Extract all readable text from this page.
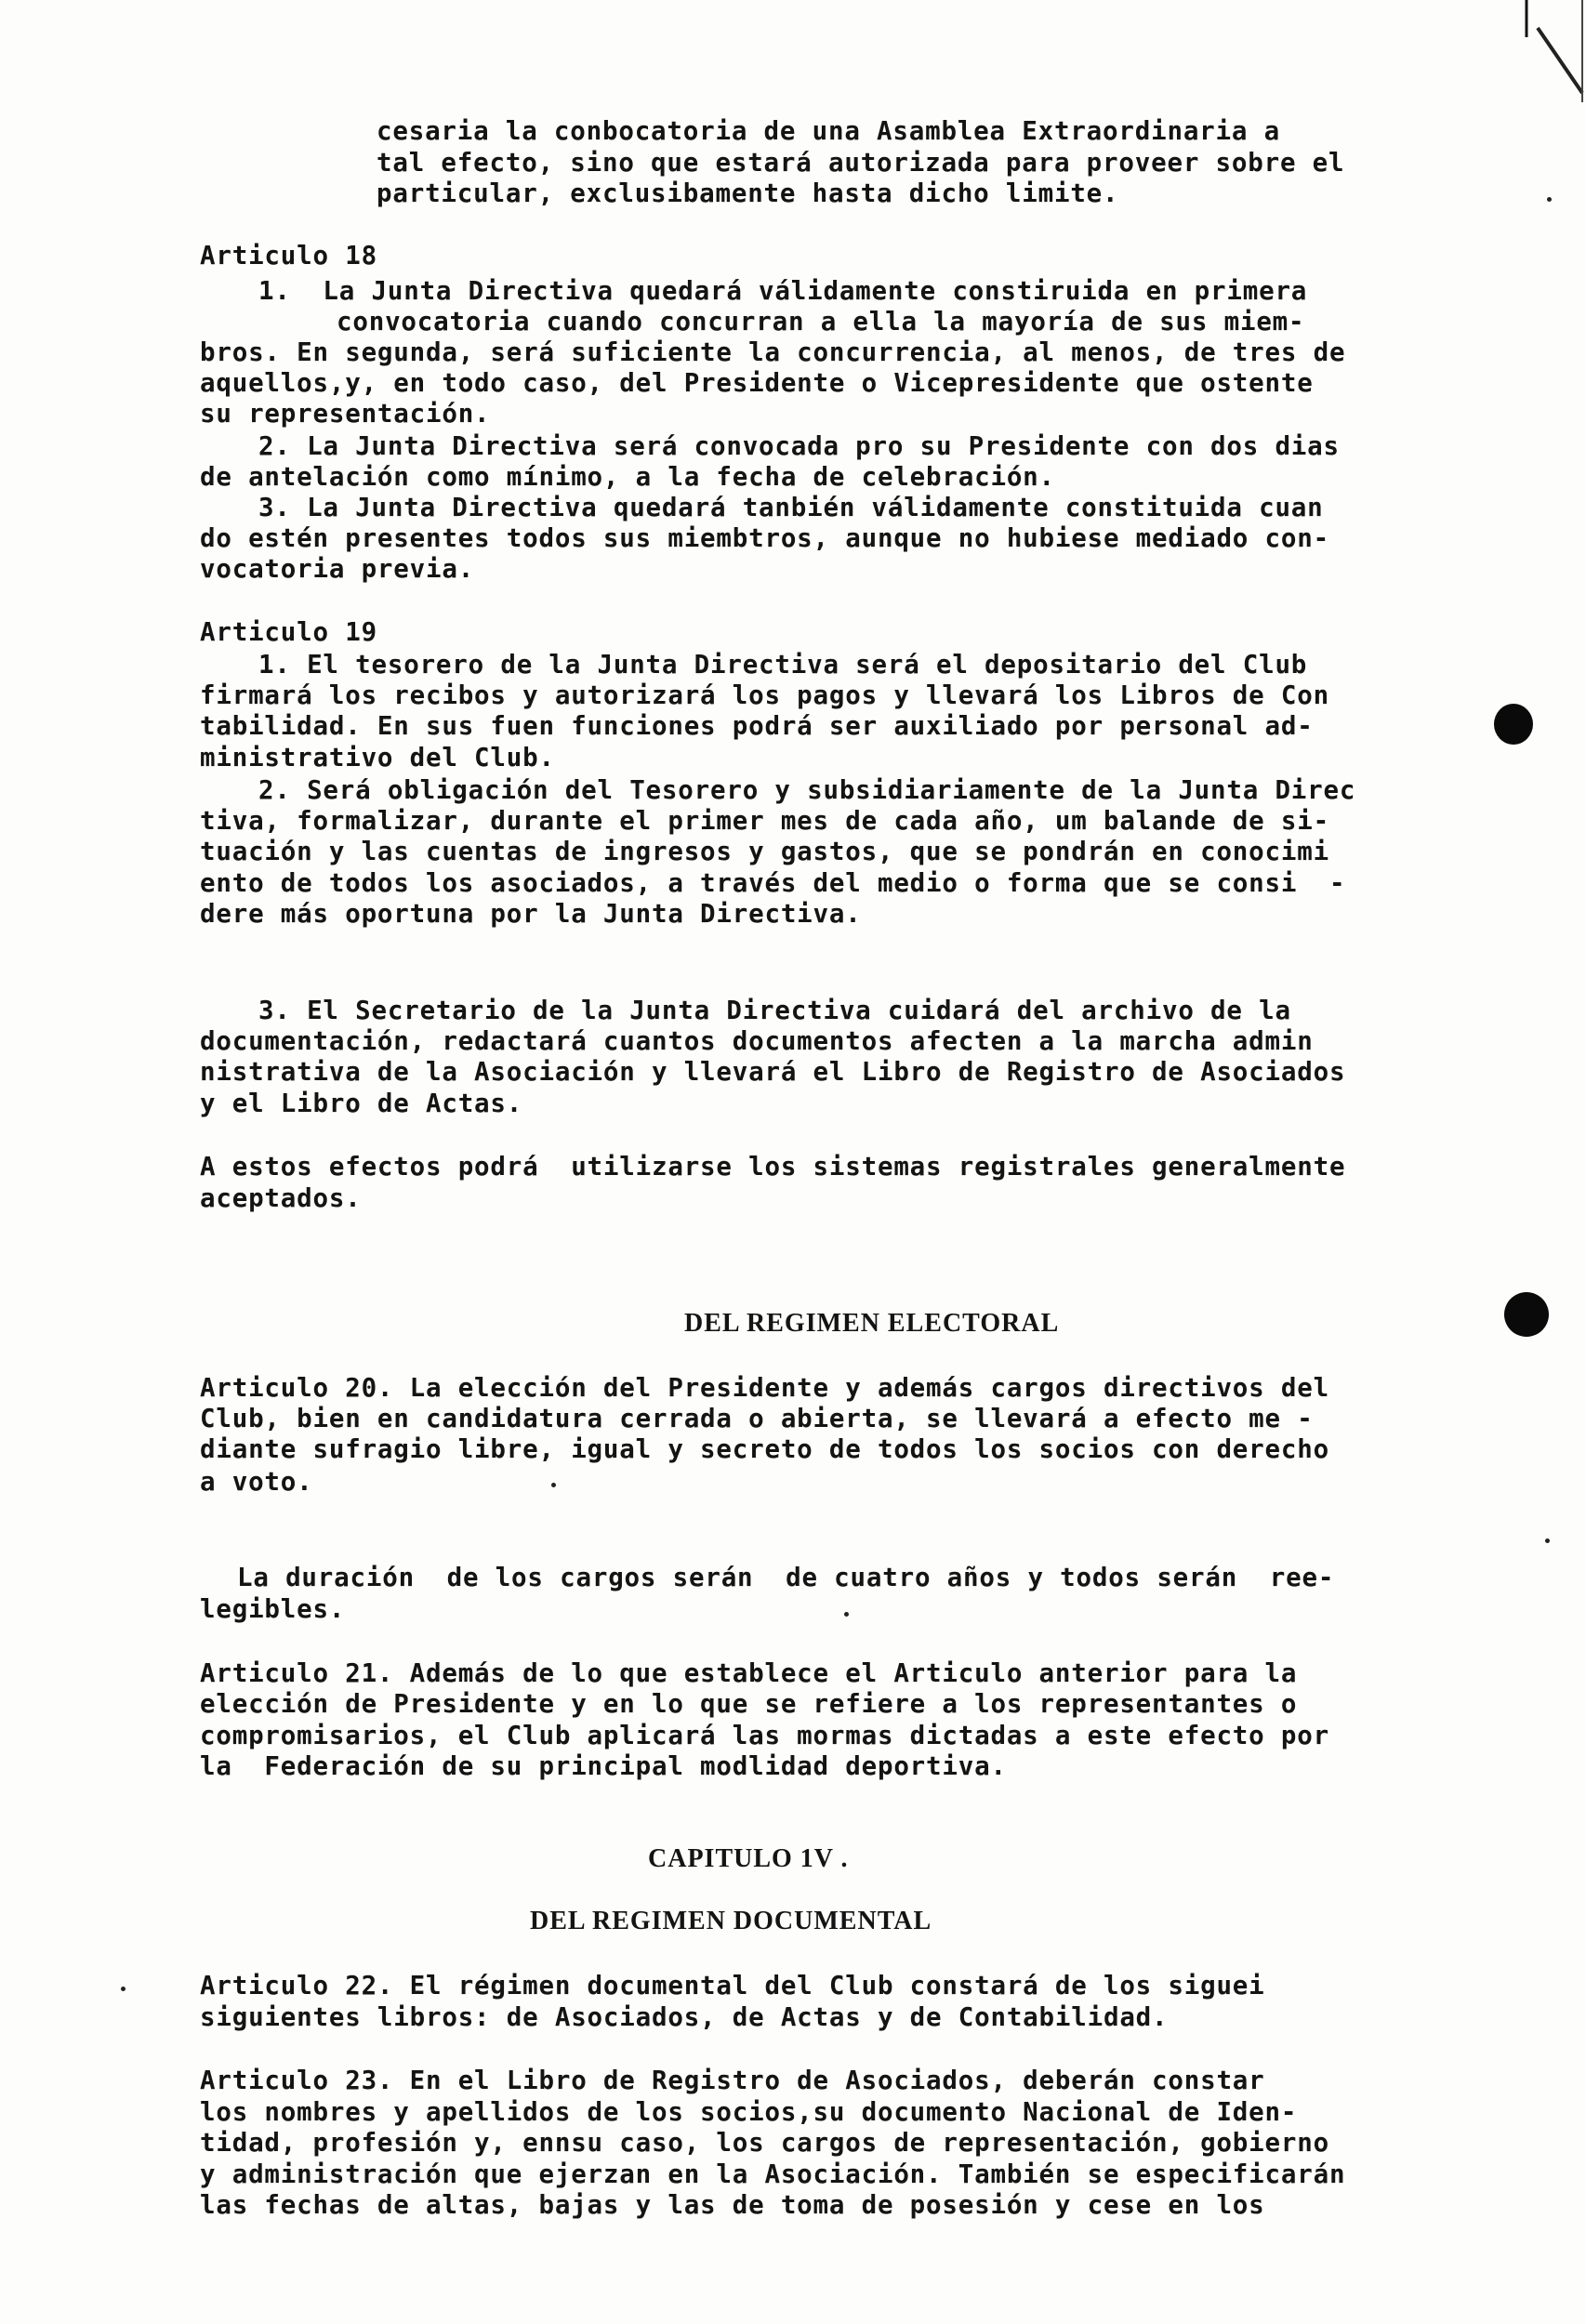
cesaria la conbocatoria de una Asamblea Extraordinaria a
tal efecto, sino que estará autorizada para proveer sobre el
particular, exclusibamente hasta dicho limite.
Articulo 18
1.  La Junta Directiva quedará válidamente constiruida en primera
convocatoria cuando concurran a ella la mayoría de sus miem-
bros. En segunda, será suficiente la concurrencia, al menos, de tres de
aquellos,y, en todo caso, del Presidente o Vicepresidente que ostente
su representación.
2. La Junta Directiva será convocada pro su Presidente con dos dias
de antelación como mínimo, a la fecha de celebración.
3. La Junta Directiva quedará tanbién válidamente constituida cuan
do estén presentes todos sus miembtros, aunque no hubiese mediado con-
vocatoria previa.
Articulo 19
1. El tesorero de la Junta Directiva será el depositario del Club
firmará los recibos y autorizará los pagos y llevará los Libros de Con
tabilidad. En sus fuen funciones podrá ser auxiliado por personal ad-
ministrativo del Club.
2. Será obligación del Tesorero y subsidiariamente de la Junta Direc
tiva, formalizar, durante el primer mes de cada año, um balande de si-
tuación y las cuentas de ingresos y gastos, que se pondrán en conocimi
ento de todos los asociados, a través del medio o forma que se consi  -
dere más oportuna por la Junta Directiva.
3. El Secretario de la Junta Directiva cuidará del archivo de la
documentación, redactará cuantos documentos afecten a la marcha admin
nistrativa de la Asociación y llevará el Libro de Registro de Asociados
y el Libro de Actas.
A estos efectos podrá  utilizarse los sistemas registrales generalmente
aceptados.
DEL REGIMEN ELECTORAL
Articulo 20. La elección del Presidente y además cargos directivos del
Club, bien en candidatura cerrada o abierta, se llevará a efecto me -
diante sufragio libre, igual y secreto de todos los socios con derecho
a voto.
La duración  de los cargos serán  de cuatro años y todos serán  ree-
legibles.
Articulo 21. Además de lo que establece el Articulo anterior para la
elección de Presidente y en lo que se refiere a los representantes o
compromisarios, el Club aplicará las mormas dictadas a este efecto por
la  Federación de su principal modlidad deportiva.
CAPITULO 1V .
DEL REGIMEN DOCUMENTAL
Articulo 22. El régimen documental del Club constará de los siguei
siguientes libros: de Asociados, de Actas y de Contabilidad.
Articulo 23. En el Libro de Registro de Asociados, deberán constar
los nombres y apellidos de los socios,su documento Nacional de Iden-
tidad, profesión y, ennsu caso, los cargos de representación, gobierno
y administración que ejerzan en la Asociación. También se especificarán
las fechas de altas, bajas y las de toma de posesión y cese en los
